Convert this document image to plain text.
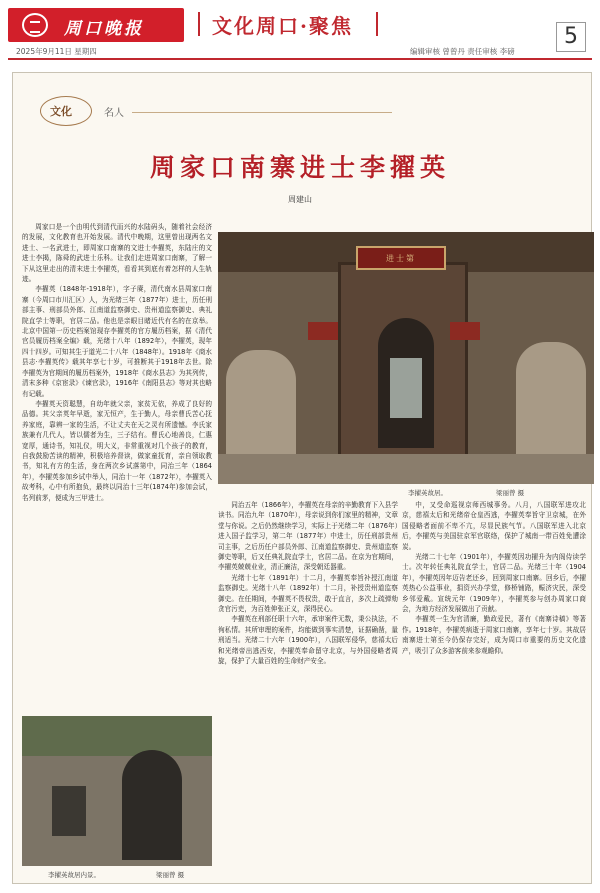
周口晚报
2025年9月11日 星期四
文化周口·聚焦
编辑审核 曾曾丹 责任审核 李磅
5
文化	名人
周家口南寨进士李擢英
周建山

周家口是一个由明代到清代而兴的水陆码头，随着社会经济的发展，文化教育也开始发展。清代中晚期，这里曾出现两名文进士、一名武进士，即周家口南寨的文进士李擢英，东陆庄的文进士李揭，陈舜的武进士乐科。让我们走进周家口南寨，了解一下从这里走出的清末进士李擢英，看看其到底有着怎样的人生轨迹。

李擢英（1848年-1918年），字子赓，清代南水县周家口南寨（今周口市川汇区）人，为光绪三年（1877年）进士，历任刑部主事、刑部员外郎、江南道监察御史、贵州道监察御史、典礼院直学士等职，官居二品。他也是亲眼目睹近代有名的在京举。北京中国第一历史档案馆现存李擢英的官方履历档案，据《清代官员履历档案全编》载，光绪十八年（1892年），李擢英，现年四十四岁。可知其生于道光二十八年（1848年）。1918年《商水县志·李擢英传》载其年享七十岁，可推断其于1918年去世。除李擢英为官期间的履历档案外，1918年《商水县志》为其列传，清末多种《京宦录》《谏官录》，1916年《南阳县志》等对其也略有记载。

李擢英天资聪慧，自幼年就父亲，家贫无依，养成了良好的品德。其父亲英年早逝，家无恒产，生于勤人，母亲曹氏苦心抚养家庭，靠辨一家的生活，不让丈夫在天之灵有所遗憾。李氏家族兼有几代人，皆以儒者为生，三子结有。曹氏心地善良，仁惠宽厚，通诗书，知礼仪，明大义，非常重视对几个孩子的教育，自我鼓励苦读的精神，积极培养督读，做家童抚育，亲自领取教书，知礼有方的生活，身在两次乡试落第中，同治三年（1864年），李擢英参加乡试中举人，同治十一年（1872年），李擢英入故考科，心中有所抱负，最终以同治十三年(1874年)参加会试，名列前茅，便成为三甲进士。

进士第
李擢英故居。	梁丽曾 摄

同治五年（1866年），李擢英在母亲的辛勤教育下入县学读书。同治九年（1870年），母亲说到你们家里的精神，文章堂与你说。之后仍然继续学习，实际上于光绪二年（1876年）进入国子监学习，第二年（1877年）中进士，历任刑部贵州司主事，之后历任户部员外郎、江南道监察御史、贵州道监察御史等职，后又任典礼院直学士，官居二品。在京为官期间，李擢英兢兢业业，清正廉洁，深受朝廷器重。

光绪十七年（1891年）十二月，李擢英奉旨补授江南道监察御史。光绪十八年（1892年）十二月，补授贵州道监察御史。在任期间，李擢英不畏权贵，敢于直言，多次上疏弹劾贪官污吏，为百姓伸张正义，深得民心。

李擢英在刑部任职十六年，承审案件无数，秉公执法，不徇私情。其所审理的案件，均能做到事实清楚，证据确凿，量刑适当。光绪二十六年（1900年），八国联军侵华，慈禧太后和光绪帝出逃西安，李擢英奉命留守北京，与外国侵略者周旋，保护了大量百姓的生命财产安全。

中，又受命巡视京师西城事务。八月，八国联军进攻北京，慈禧太后和光绪帝仓皇西逃，李擢英奉旨守卫京城，在外国侵略者面前不卑不亢，尽显民族气节。八国联军进入北京后，李擢英与美国驻京军官联络，保护了城南一带百姓免遭涂炭。

光绪二十七年（1901年），李擢英因功擢升为内阁侍读学士。次年转任典礼院直学士，官居二品。光绪三十年（1904年），李擢英因年迈告老还乡，回到周家口南寨。回乡后，李擢英热心公益事业，捐资兴办学堂，修桥铺路，赈济灾民，深受乡邻爱戴。宣统元年（1909年），李擢英参与创办周家口商会，为地方经济发展做出了贡献。

李擢英一生为官清廉，勤政爱民，著有《南寨诗稿》等著作。1918年，李擢英病逝于周家口南寨，享年七十岁。其故居南寨进士第至今仍保存完好，成为周口市重要的历史文化遗产，吸引了众多游客前来参观瞻仰。

李擢英故居内景。	梁丽曾 摄
